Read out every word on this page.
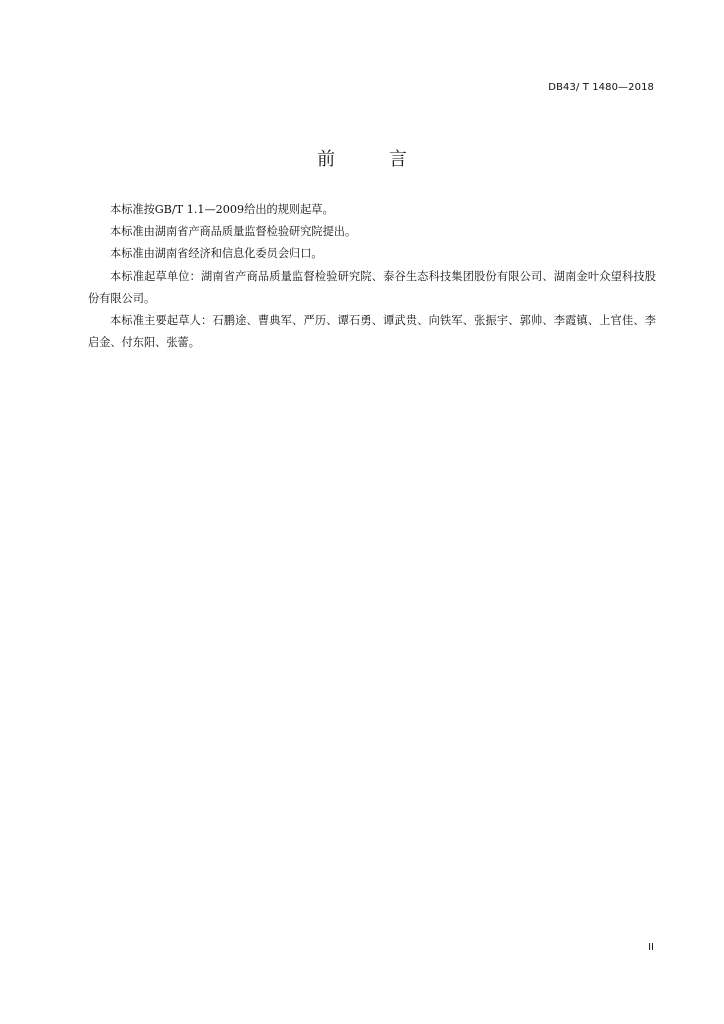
DB43/ T 1480—2018
前 言

本标准按GB/T 1.1—2009给出的规则起草。

本标准由湖南省产商品质量监督检验研究院提出。

本标准由湖南省经济和信息化委员会归口。

本标准起草单位：湖南省产商品质量监督检验研究院、泰谷生态科技集团股份有限公司、湖南金叶众望科技股份有限公司。

本标准主要起草人：石鹏途、曹典军、严历、谭石勇、谭武贵、向铁军、张振宇、郭帅、李霞镇、上官佳、李启金、付东阳、张蕾。

II
